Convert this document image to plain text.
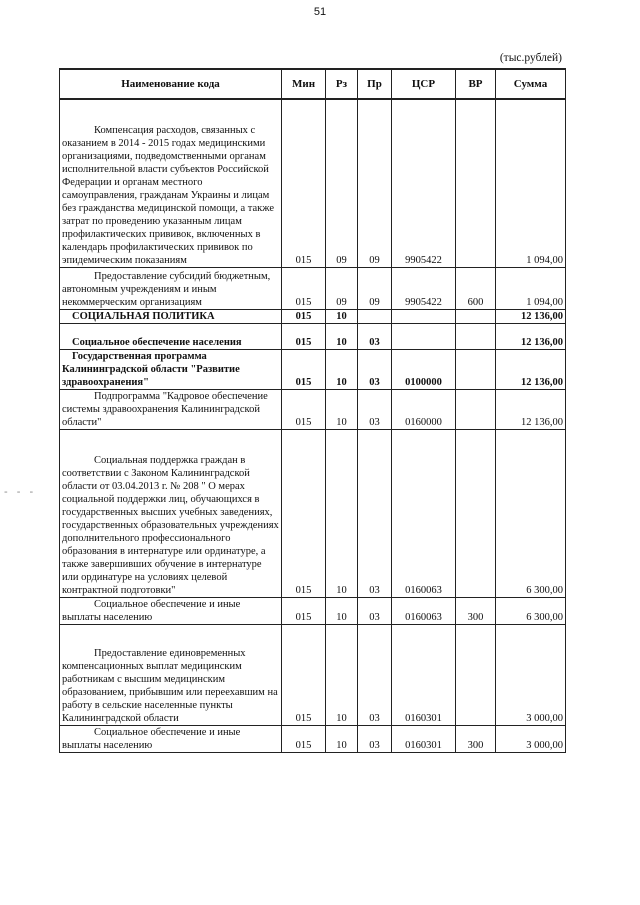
51
- - -
(тыс.рублей)
Наименование кода	Мин	Рз	Пр	ЦСР	ВР	Сумма
Компенсация расходов, связанных с оказанием в 2014 - 2015 годах медицинскими организациями, подведомственными органам исполнительной власти субъектов Российской Федерации и органам местного самоуправления, гражданам Украины и лицам без гражданства медицинской помощи, а также затрат по проведению указанным лицам профилактических прививок, включенных в календарь профилактических прививок по эпидемическим показаниям	015	09	09	9905422		1 094,00
Предоставление субсидий бюджетным, автономным учреждениям и иным некоммерческим организациям	015	09	09	9905422	600	1 094,00
СОЦИАЛЬНАЯ ПОЛИТИКА	015	10				12 136,00
Социальное обеспечение населения	015	10	03			12 136,00
Государственная программа Калининградской области "Развитие здравоохранения"	015	10	03	0100000		12 136,00
Подпрограмма "Кадровое обеспечение системы здравоохранения Калининградской области"	015	10	03	0160000		12 136,00
Социальная поддержка граждан в соответствии с Законом Калининградской области от 03.04.2013 г. № 208 " О мерах социальной поддержки лиц, обучающихся в государственных высших учебных заведениях, государственных образовательных учреждениях дополнительного профессионального образования в интернатуре или ординатуре, а также завершивших обучение в интернатуре или ординатуре на условиях целевой контрактной подготовки"	015	10	03	0160063		6 300,00
Социальное обеспечение и иные выплаты населению	015	10	03	0160063	300	6 300,00
Предоставление единовременных компенсационных выплат медицинским работникам с высшим медицинским образованием, прибывшим или переехавшим на работу в сельские населенные пункты Калининградской области	015	10	03	0160301		3 000,00
Социальное обеспечение и иные выплаты населению	015	10	03	0160301	300	3 000,00
